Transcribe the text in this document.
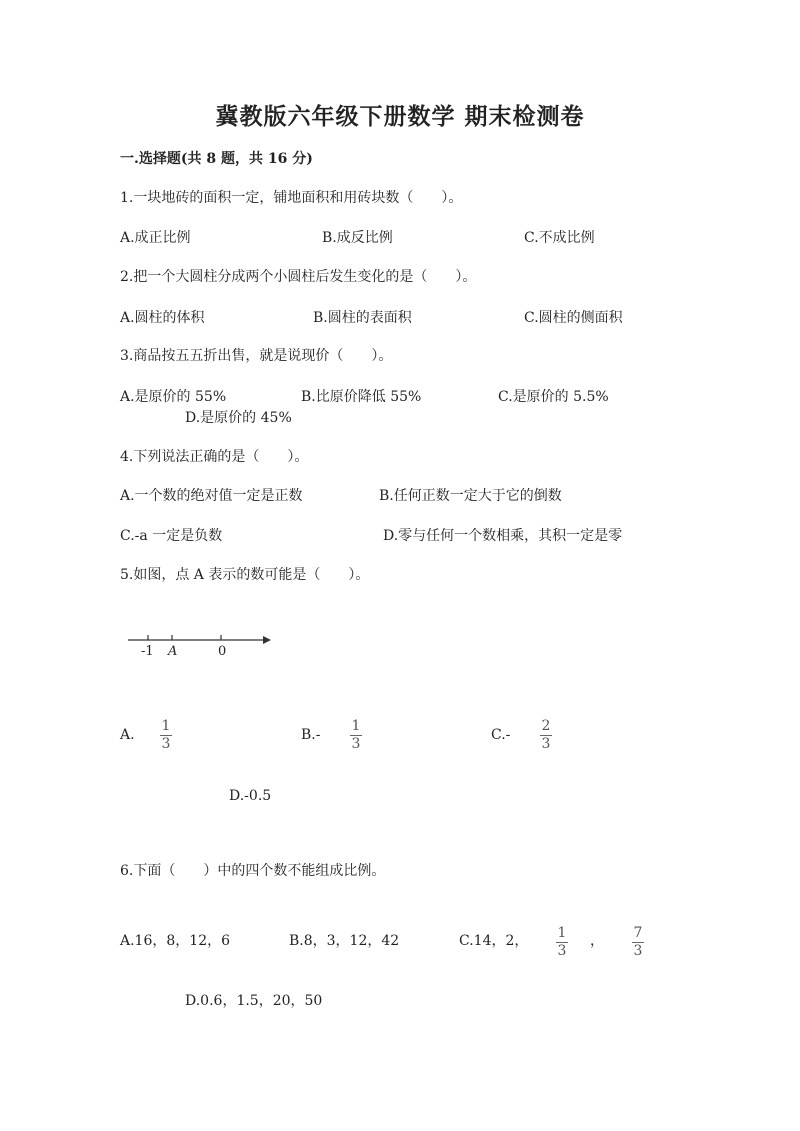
冀教版六年级下册数学 期末检测卷
一.选择题(共 8 题，共 16 分)
1.一块地砖的面积一定，铺地面积和用砖块数（　　）。
A.成正比例	B.成反比例	C.不成比例
2.把一个大圆柱分成两个小圆柱后发生变化的是（　　）。
A.圆柱的体积	B.圆柱的表面积	C.圆柱的侧面积
3.商品按五五折出售，就是说现价（　　）。
A.是原价的 55%	B.比原价降低 55%	C.是原价的 5.5%
D.是原价的 45%
4.下列说法正确的是（　　）。
A.一个数的绝对值一定是正数	B.任何正数一定大于它的倒数
C.-a 一定是负数	D.零与任何一个数相乘，其积一定是零
5.如图，点 A 表示的数可能是（　　）。
-1 A	0
A.
1
3
B.-
1
3
C.-
2
3
D.-0.5
6.下面（　　）中的四个数不能组成比例。
A.16，8，12，6	B.8，3，12，42	C.14，2， 1
3
， 7
3
D.0.6，1.5，20，50
